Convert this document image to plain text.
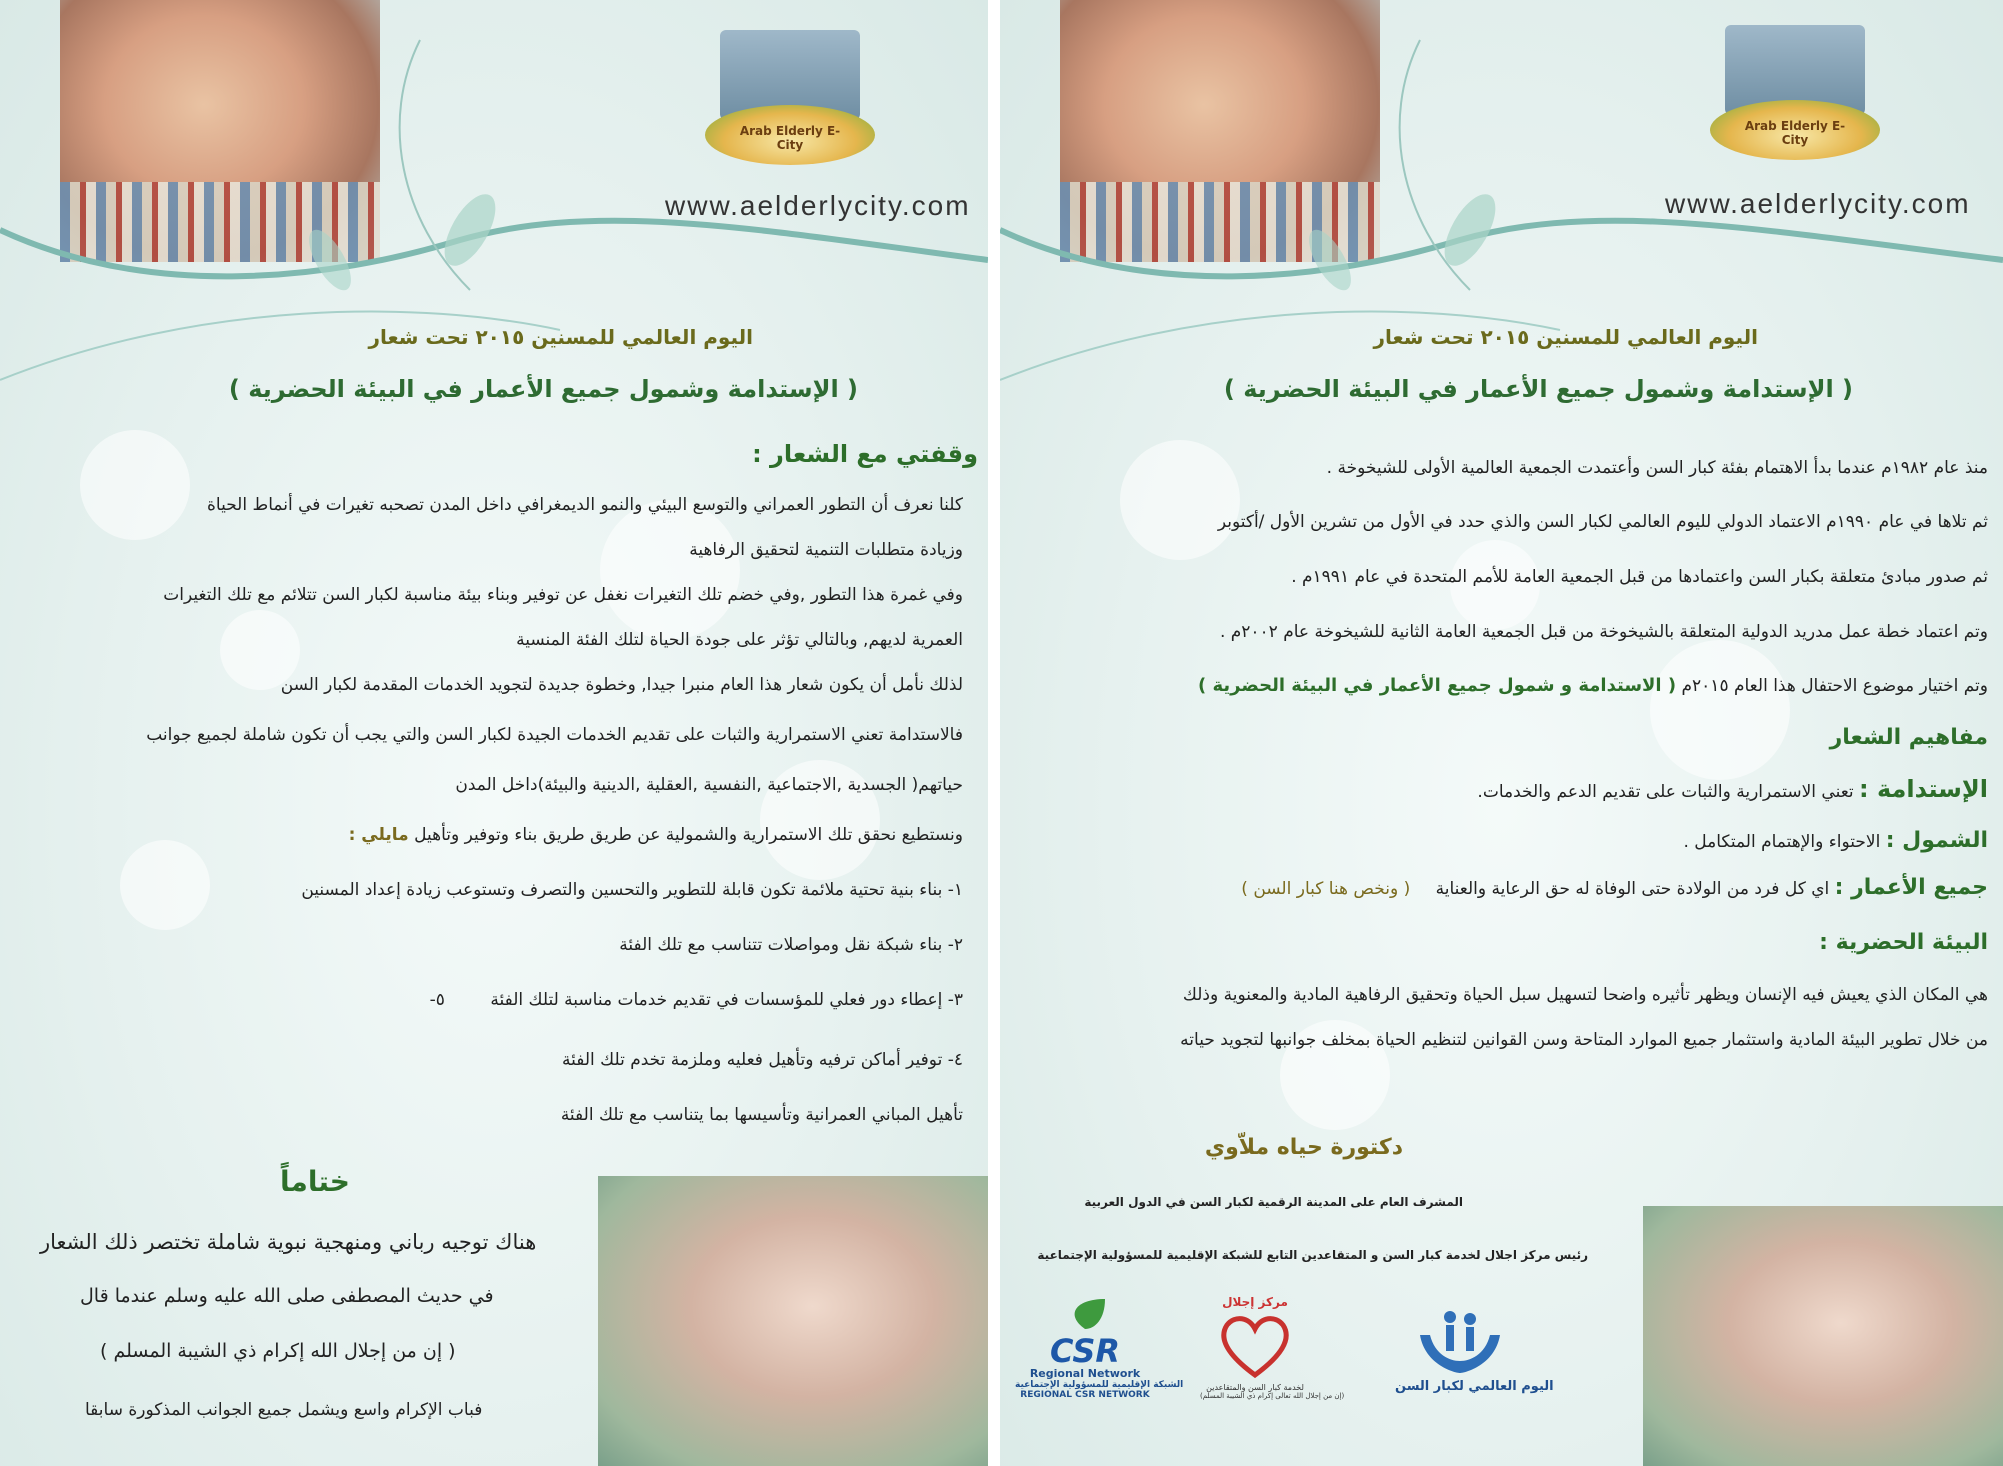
Arab Elderly E-City
www.aelderlycity.com
اليوم العالمي للمسنين ٢٠١٥ تحت شعار
( الإستدامة وشمول جميع الأعمار في البيئة الحضرية )
وقفتي مع الشعار :
كلنا نعرف أن التطور العمراني والتوسع البيئي والنمو الديمغرافي داخل المدن تصحبه تغيرات في أنماط الحياة
وزيادة متطلبات التنمية لتحقيق الرفاهية
وفي غمرة هذا التطور ,وفي خضم تلك التغيرات نغفل عن توفير وبناء بيئة مناسبة لكبار السن تتلائم مع تلك التغيرات
العمرية لديهم, وبالتالي تؤثر على جودة الحياة لتلك الفئة المنسية
لذلك نأمل أن يكون شعار هذا العام منبرا جيدا, وخطوة جديدة لتجويد الخدمات المقدمة لكبار السن
فالاستدامة تعني الاستمرارية والثبات على تقديم الخدمات الجيدة لكبار السن والتي يجب أن تكون شاملة لجميع جوانب
حياتهم( الجسدية ,الاجتماعية ,النفسية ,العقلية ,الدينية والبيئة)داخل المدن
ونستطيع نحقق تلك الاستمرارية والشمولية عن طريق طريق بناء وتوفير وتأهيل مايلي :
١- بناء بنية تحتية ملائمة تكون قابلة للتطوير والتحسين والتصرف وتستوعب زيادة إعداد المسنين
٢- بناء شبكة نقل ومواصلات تتناسب مع تلك الفئة
٣- إعطاء دور فعلي للمؤسسات في تقديم خدمات مناسبة لتلك الفئة ٥-
٤- توفير أماكن ترفيه وتأهيل فعليه وملزمة تخدم تلك الفئة
تأهيل المباني العمرانية وتأسيسها بما يتناسب مع تلك الفئة
ختاماً
هناك توجيه رباني ومنهجية نبوية شاملة تختصر ذلك الشعار
في حديث المصطفى صلى الله عليه وسلم عندما قال
( إن من إجلال الله إكرام ذي الشيبة المسلم )
فباب الإكرام واسع ويشمل جميع الجوانب المذكورة سابقا
Arab Elderly E-City
www.aelderlycity.com
اليوم العالمي للمسنين ٢٠١٥ تحت شعار
( الإستدامة وشمول جميع الأعمار في البيئة الحضرية )
منذ عام ١٩٨٢م عندما بدأ الاهتمام بفئة كبار السن وأعتمدت الجمعية العالمية الأولى للشيخوخة .
ثم تلاها في عام ١٩٩٠م الاعتماد الدولي لليوم العالمي لكبار السن والذي حدد في الأول من تشرين الأول /أكتوبر
ثم صدور مبادئ متعلقة بكبار السن واعتمادها من قبل الجمعية العامة للأمم المتحدة في عام ١٩٩١م .
وتم اعتماد خطة عمل مدريد الدولية المتعلقة بالشيخوخة من قبل الجمعية العامة الثانية للشيخوخة عام ٢٠٠٢م .
وتم اختيار موضوع الاحتفال هذا العام ٢٠١٥م ( الاستدامة و شمول جميع الأعمار في البيئة الحضرية )
مفاهيم الشعار
الإستدامة : تعني الاستمرارية والثبات على تقديم الدعم والخدمات.
الشمول : الاحتواء والإهتمام المتكامل .
جميع الأعمار : اي كل فرد من الولادة حتى الوفاة له حق الرعاية والعناية ( ونخص هنا كبار السن )
البيئة الحضرية :
هي المكان الذي يعيش فيه الإنسان ويظهر تأثيره واضحا لتسهيل سبل الحياة وتحقيق الرفاهية المادية والمعنوية وذلك
من خلال تطوير البيئة المادية واستثمار جميع الموارد المتاحة وسن القوانين لتنظيم الحياة بمخلف جوانبها لتجويد حياته
دكتورة حياه ملاّوي
المشرف العام على المدينة الرقمية لكبار السن في الدول العربية
رئيس مركز اجلال لخدمة كبار السن و المتقاعدين التابع للشبكة الإقليمية للمسؤولية الإجتماعية
CSR
Regional Network
الشبكة الإقليمية للمسؤولية الإجتماعية
REGIONAL CSR NETWORK
مركز إجلال
لخدمة كبار السن والمتقاعدين
(إن من إجلال الله تعالى إكرام ذي الشيبة المسلم)
اليوم العالمي لكبار السن
